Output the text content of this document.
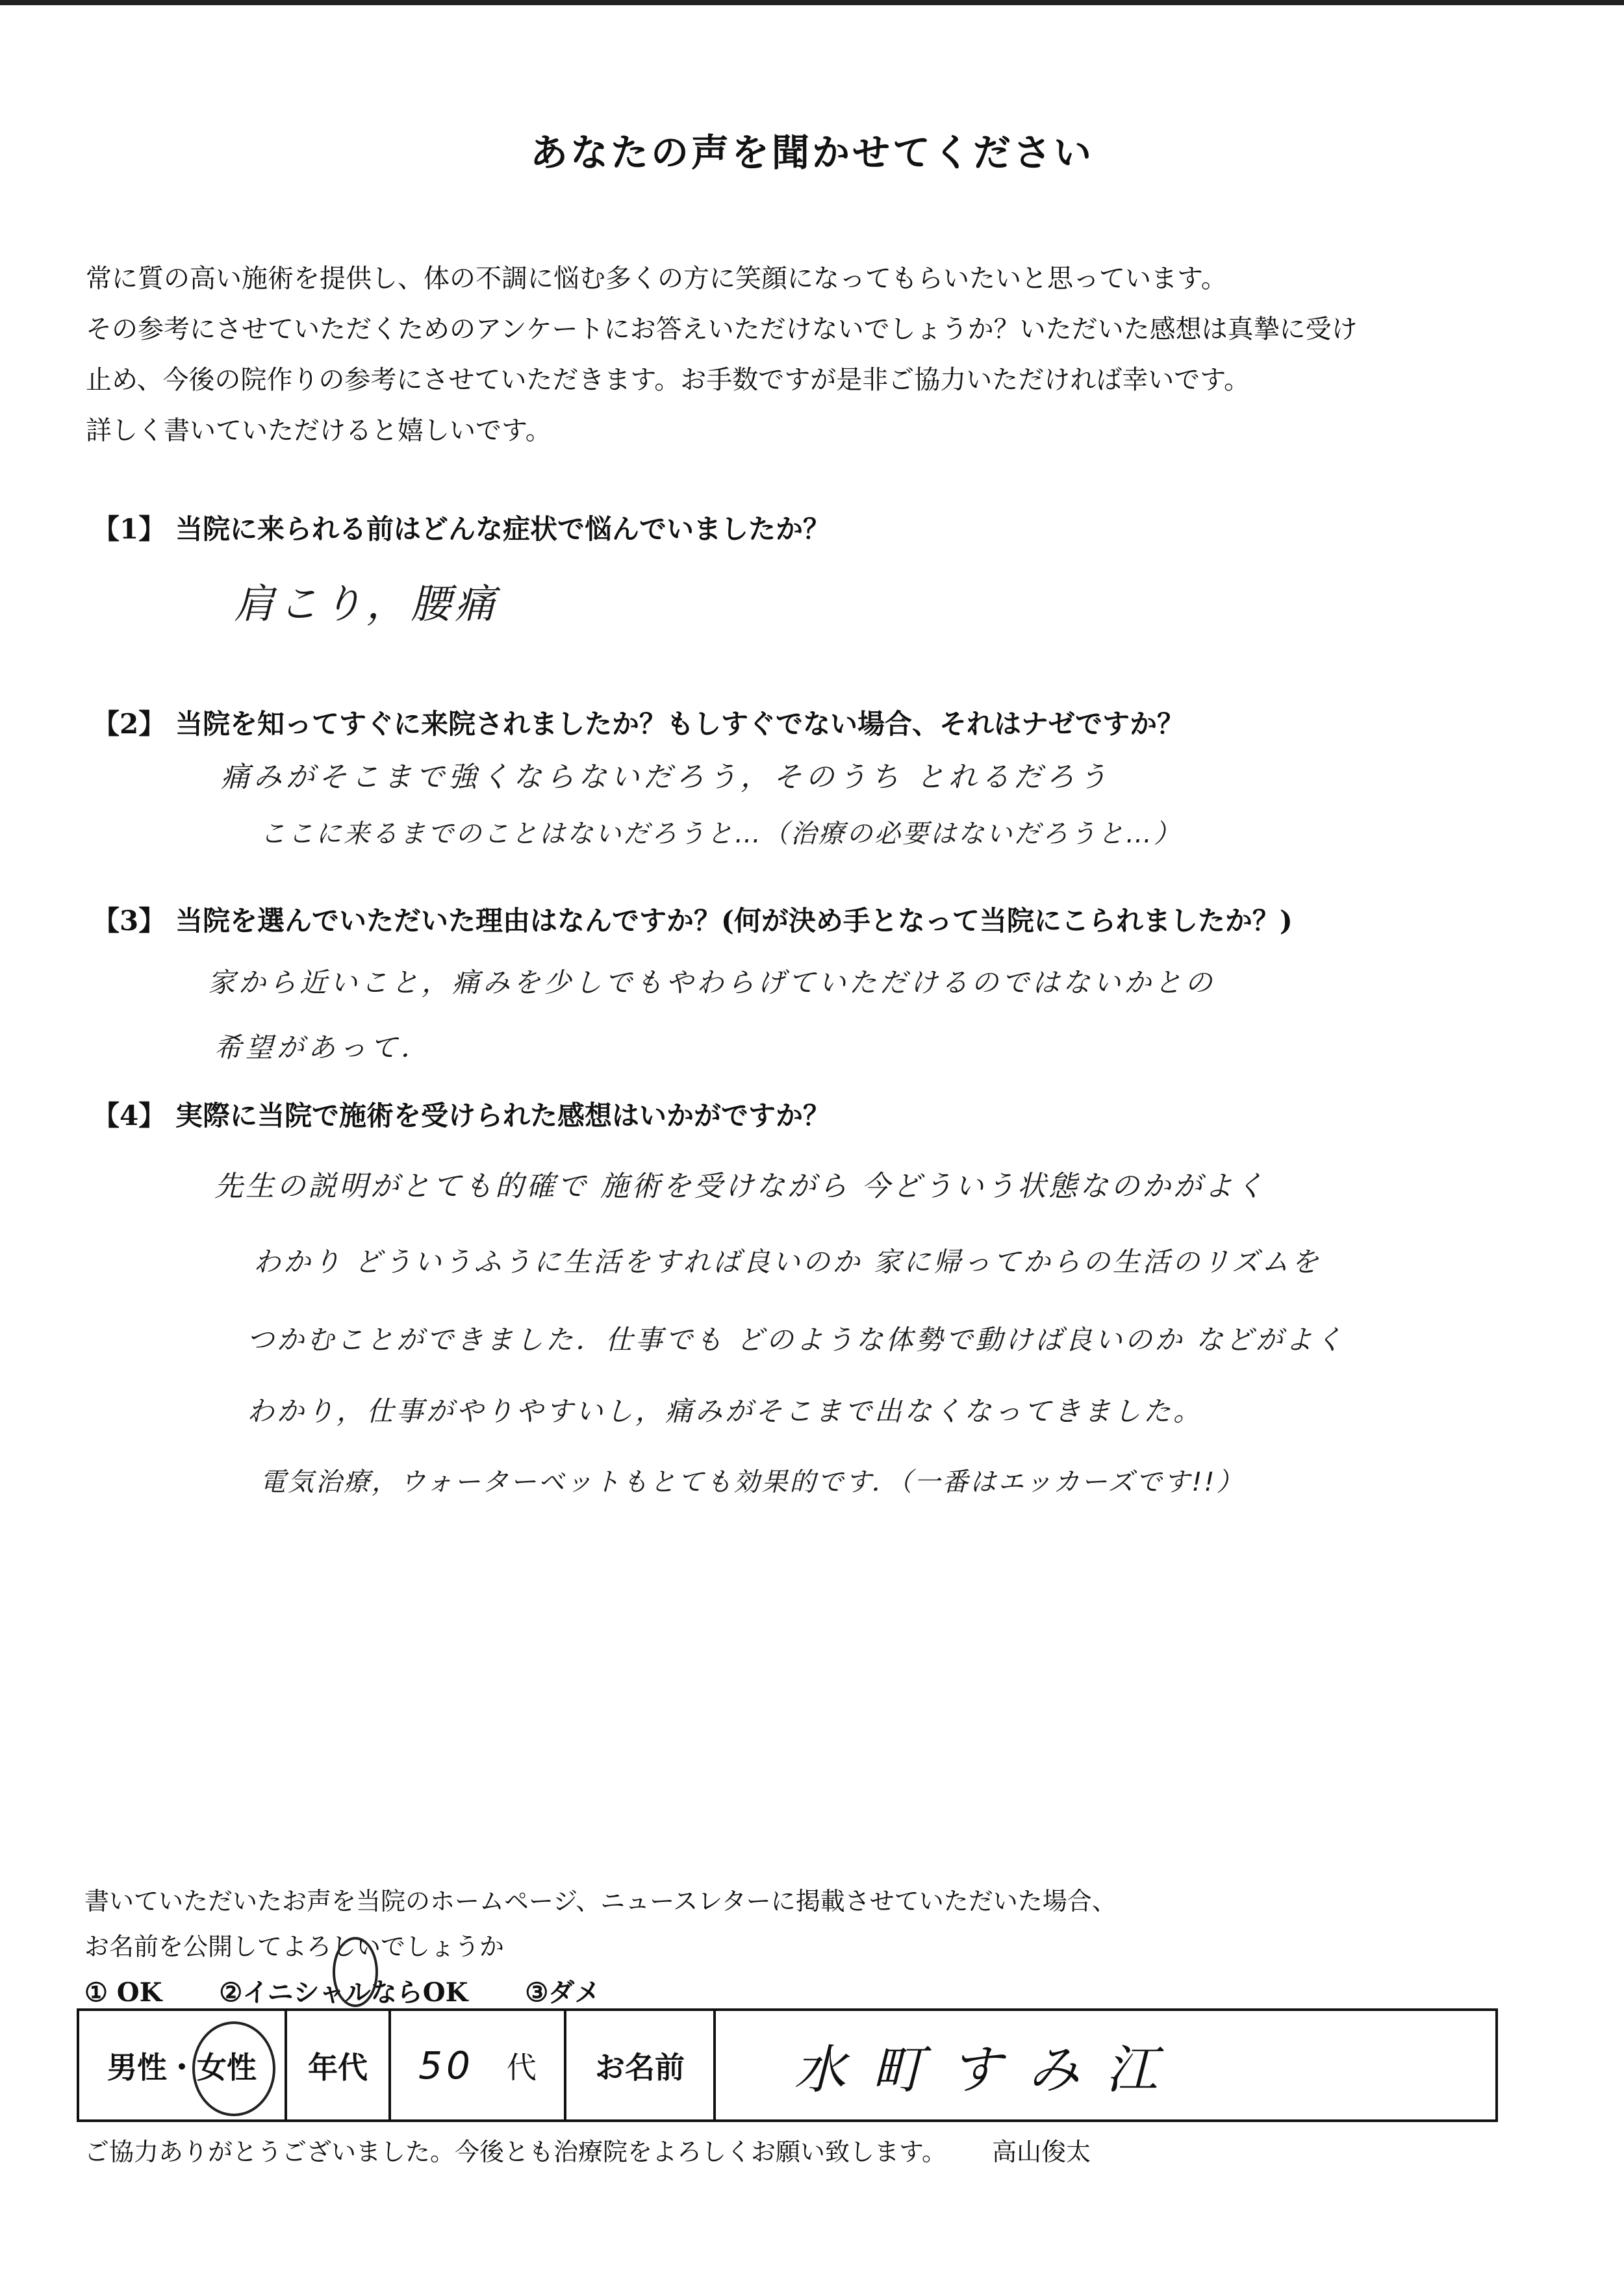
あなたの声を聞かせてください
常に質の高い施術を提供し、体の不調に悩む多くの方に笑顔になってもらいたいと思っています。
その参考にさせていただくためのアンケートにお答えいただけないでしょうか？いただいた感想は真摯に受け
止め、今後の院作りの参考にさせていただきます。お手数ですが是非ご協力いただければ幸いです。
詳しく書いていただけると嬉しいです。
【1】 当院に来られる前はどんな症状で悩んでいましたか？
肩こり，腰痛
【2】 当院を知ってすぐに来院されましたか？もしすぐでない場合、それはナゼですか？
痛みがそこまで強くならないだろう，そのうち とれるだろう
ここに来るまでのことはないだろうと…（治療の必要はないだろうと…）
【3】 当院を選んでいただいた理由はなんですか？(何が決め手となって当院にこられましたか？)
家から近いこと，痛みを少しでもやわらげていただけるのではないかとの
希望があって．
【4】 実際に当院で施術を受けられた感想はいかがですか？
先生の説明がとても的確で 施術を受けながら 今どういう状態なのかがよく
わかり どういうふうに生活をすれば良いのか 家に帰ってからの生活のリズムを
つかむことができました．仕事でも どのような体勢で動けば良いのか などがよく
わかり，仕事がやりやすいし，痛みがそこまで出なくなってきました。
電気治療，ウォーターベットもとても効果的です．（一番はエッカーズです!!）
書いていただいたお声を当院のホームページ、ニュースレターに掲載させていただいた場合、
お名前を公開してよろしいでしょうか
① OK ②イニシャルならOK ③ダメ
男性・女性 年代 50 代 お名前 水町すみ江
ご協力ありがとうございました。今後とも治療院をよろしくお願い致します。 高山俊太
